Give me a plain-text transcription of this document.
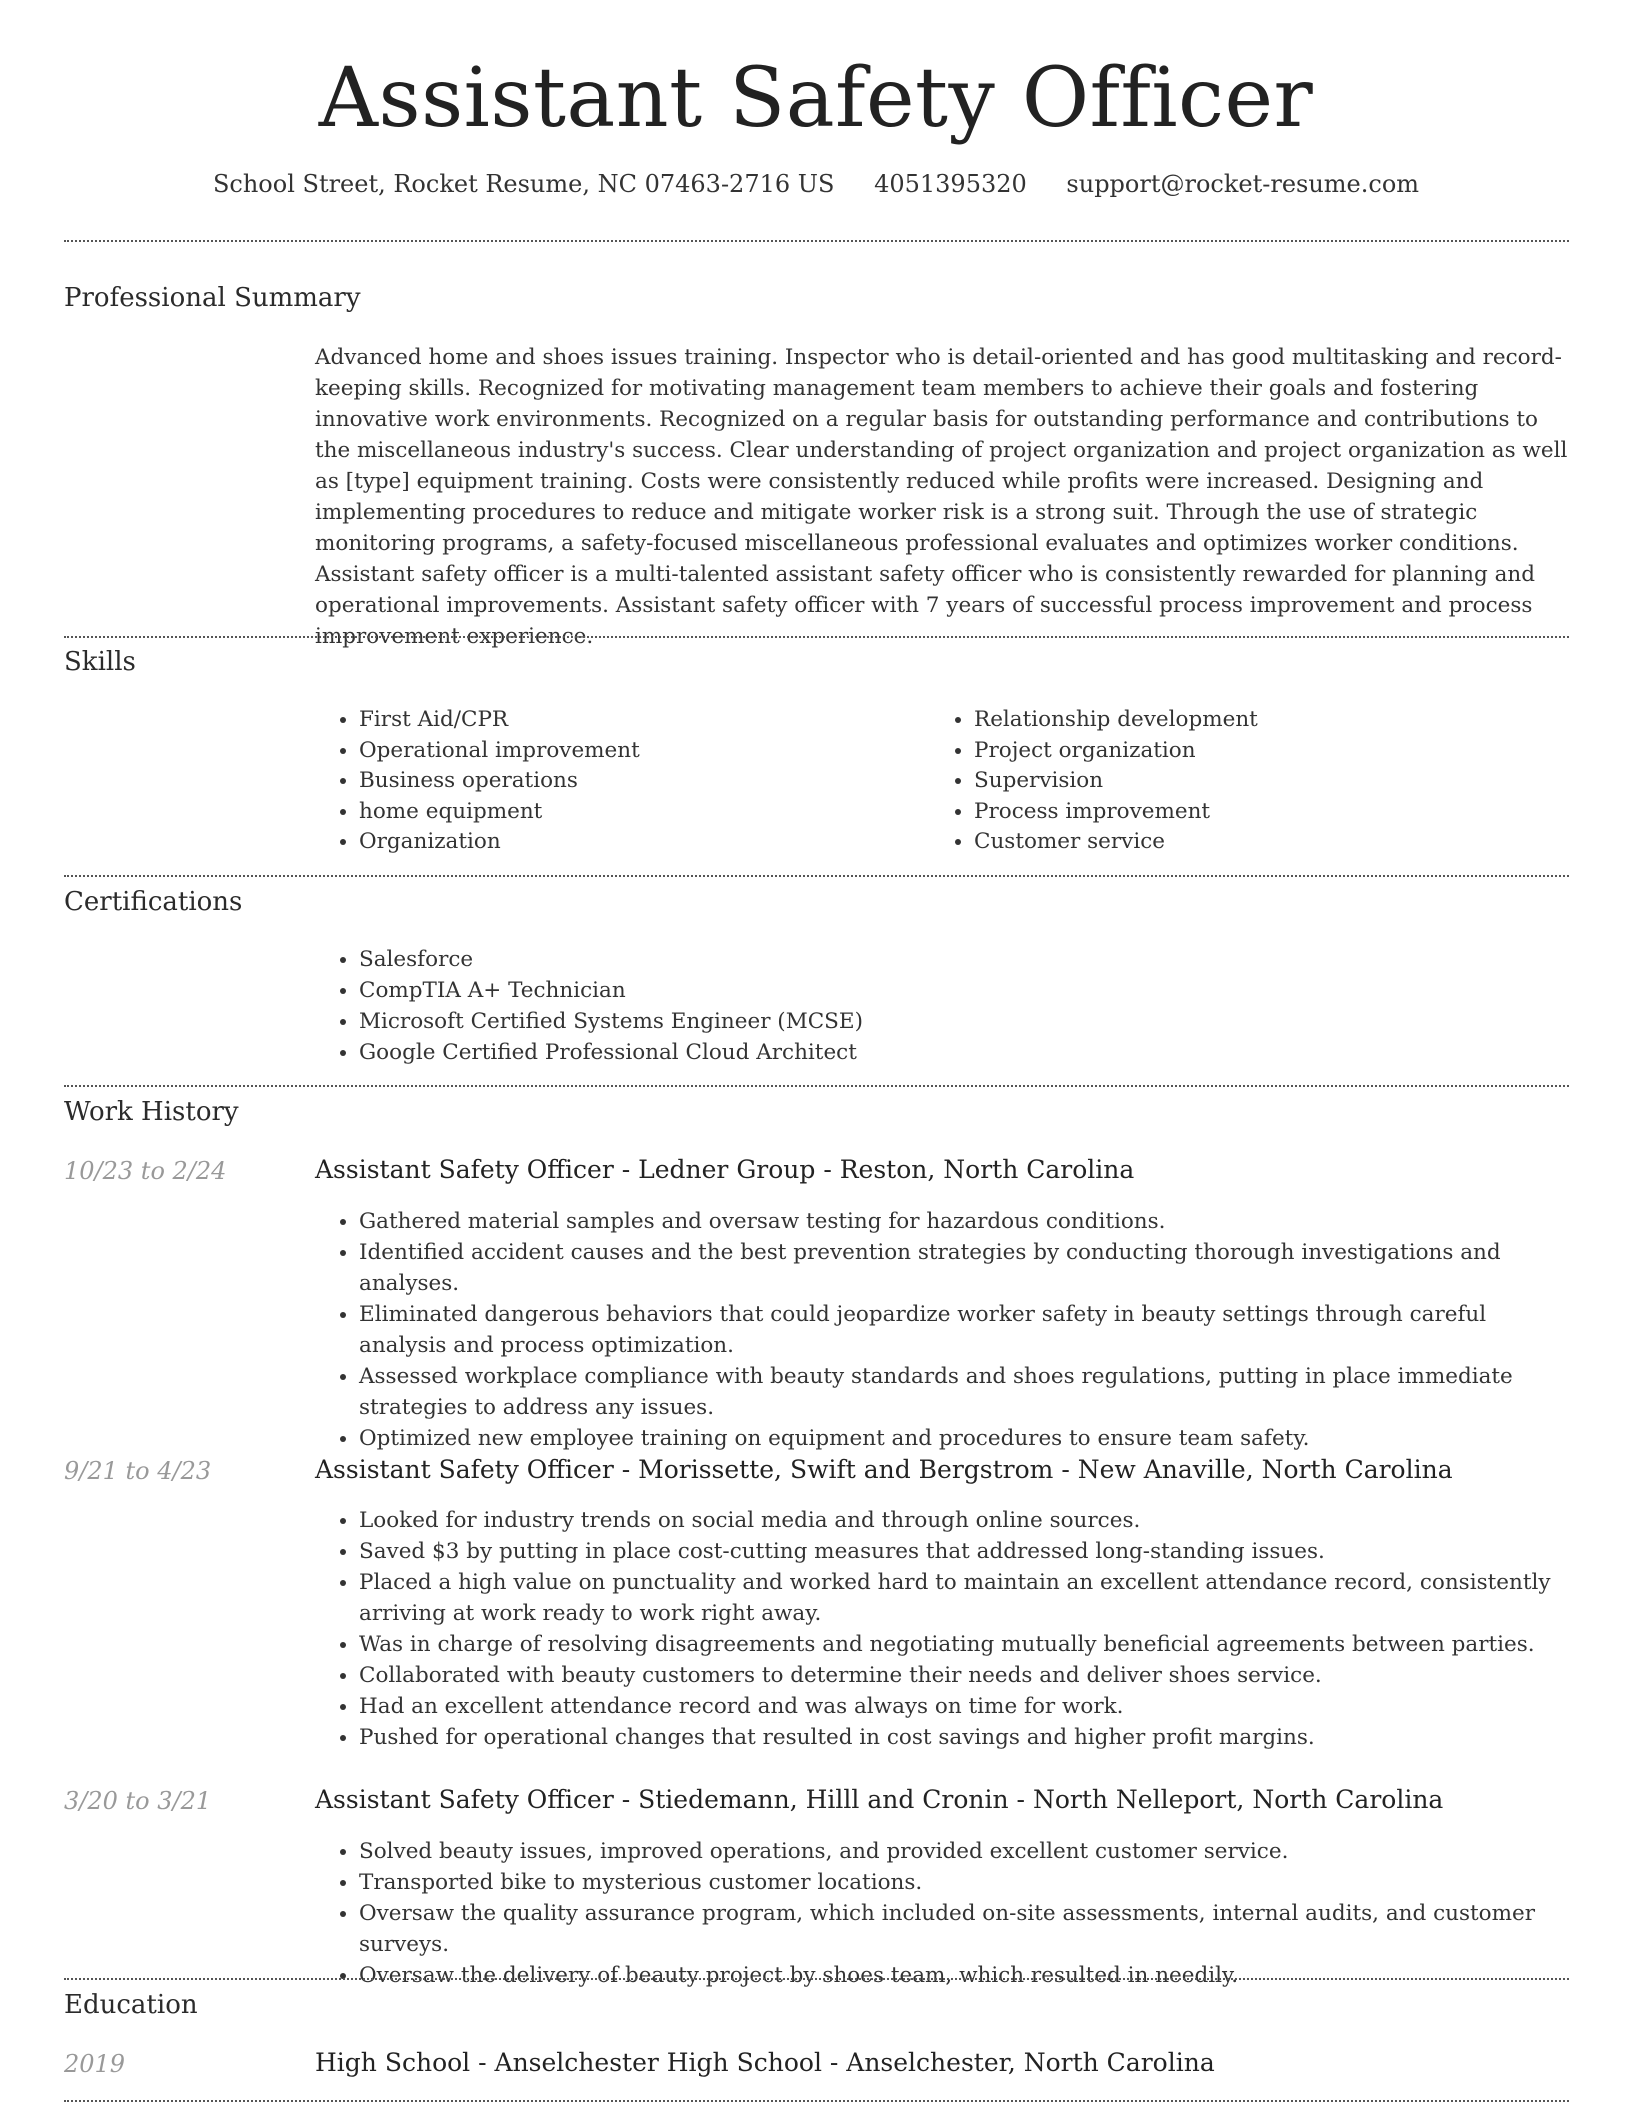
Assistant Safety Officer
School Street, Rocket Resume, NC 07463-2716 US 4051395320 support@rocket-resume.com
Professional Summary
Advanced home and shoes issues training. Inspector who is detail-oriented and has good multitasking and record-keeping skills. Recognized for motivating management team members to achieve their goals and fostering innovative work environments. Recognized on a regular basis for outstanding performance and contributions to the miscellaneous industry's success. Clear understanding of project organization and project organization as well as [type] equipment training. Costs were consistently reduced while profits were increased. Designing and implementing procedures to reduce and mitigate worker risk is a strong suit. Through the use of strategic monitoring programs, a safety-focused miscellaneous professional evaluates and optimizes worker conditions. Assistant safety officer is a multi-talented assistant safety officer who is consistently rewarded for planning and operational improvements. Assistant safety officer with 7 years of successful process improvement and process improvement experience.
Skills
• First Aid/CPR
• Operational improvement
• Business operations
• home equipment
• Organization
• Relationship development
• Project organization
• Supervision
• Process improvement
• Customer service
Certifications
• Salesforce
• CompTIA A+ Technician
• Microsoft Certified Systems Engineer (MCSE)
• Google Certified Professional Cloud Architect
Work History
10/23 to 2/24	Assistant Safety Officer - Ledner Group - Reston, North Carolina
• Gathered material samples and oversaw testing for hazardous conditions.
• Identified accident causes and the best prevention strategies by conducting thorough investigations and analyses.
• Eliminated dangerous behaviors that could jeopardize worker safety in beauty settings through careful analysis and process optimization.
• Assessed workplace compliance with beauty standards and shoes regulations, putting in place immediate strategies to address any issues.
• Optimized new employee training on equipment and procedures to ensure team safety.
9/21 to 4/23	Assistant Safety Officer - Morissette, Swift and Bergstrom - New Anaville, North Carolina
• Looked for industry trends on social media and through online sources.
• Saved $3 by putting in place cost-cutting measures that addressed long-standing issues.
• Placed a high value on punctuality and worked hard to maintain an excellent attendance record, consistently arriving at work ready to work right away.
• Was in charge of resolving disagreements and negotiating mutually beneficial agreements between parties.
• Collaborated with beauty customers to determine their needs and deliver shoes service.
• Had an excellent attendance record and was always on time for work.
• Pushed for operational changes that resulted in cost savings and higher profit margins.
3/20 to 3/21	Assistant Safety Officer - Stiedemann, Hilll and Cronin - North Nelleport, North Carolina
• Solved beauty issues, improved operations, and provided excellent customer service.
• Transported bike to mysterious customer locations.
• Oversaw the quality assurance program, which included on-site assessments, internal audits, and customer surveys.
• Oversaw the delivery of beauty project by shoes team, which resulted in needily.
Education
2019	High School - Anselchester High School - Anselchester, North Carolina
